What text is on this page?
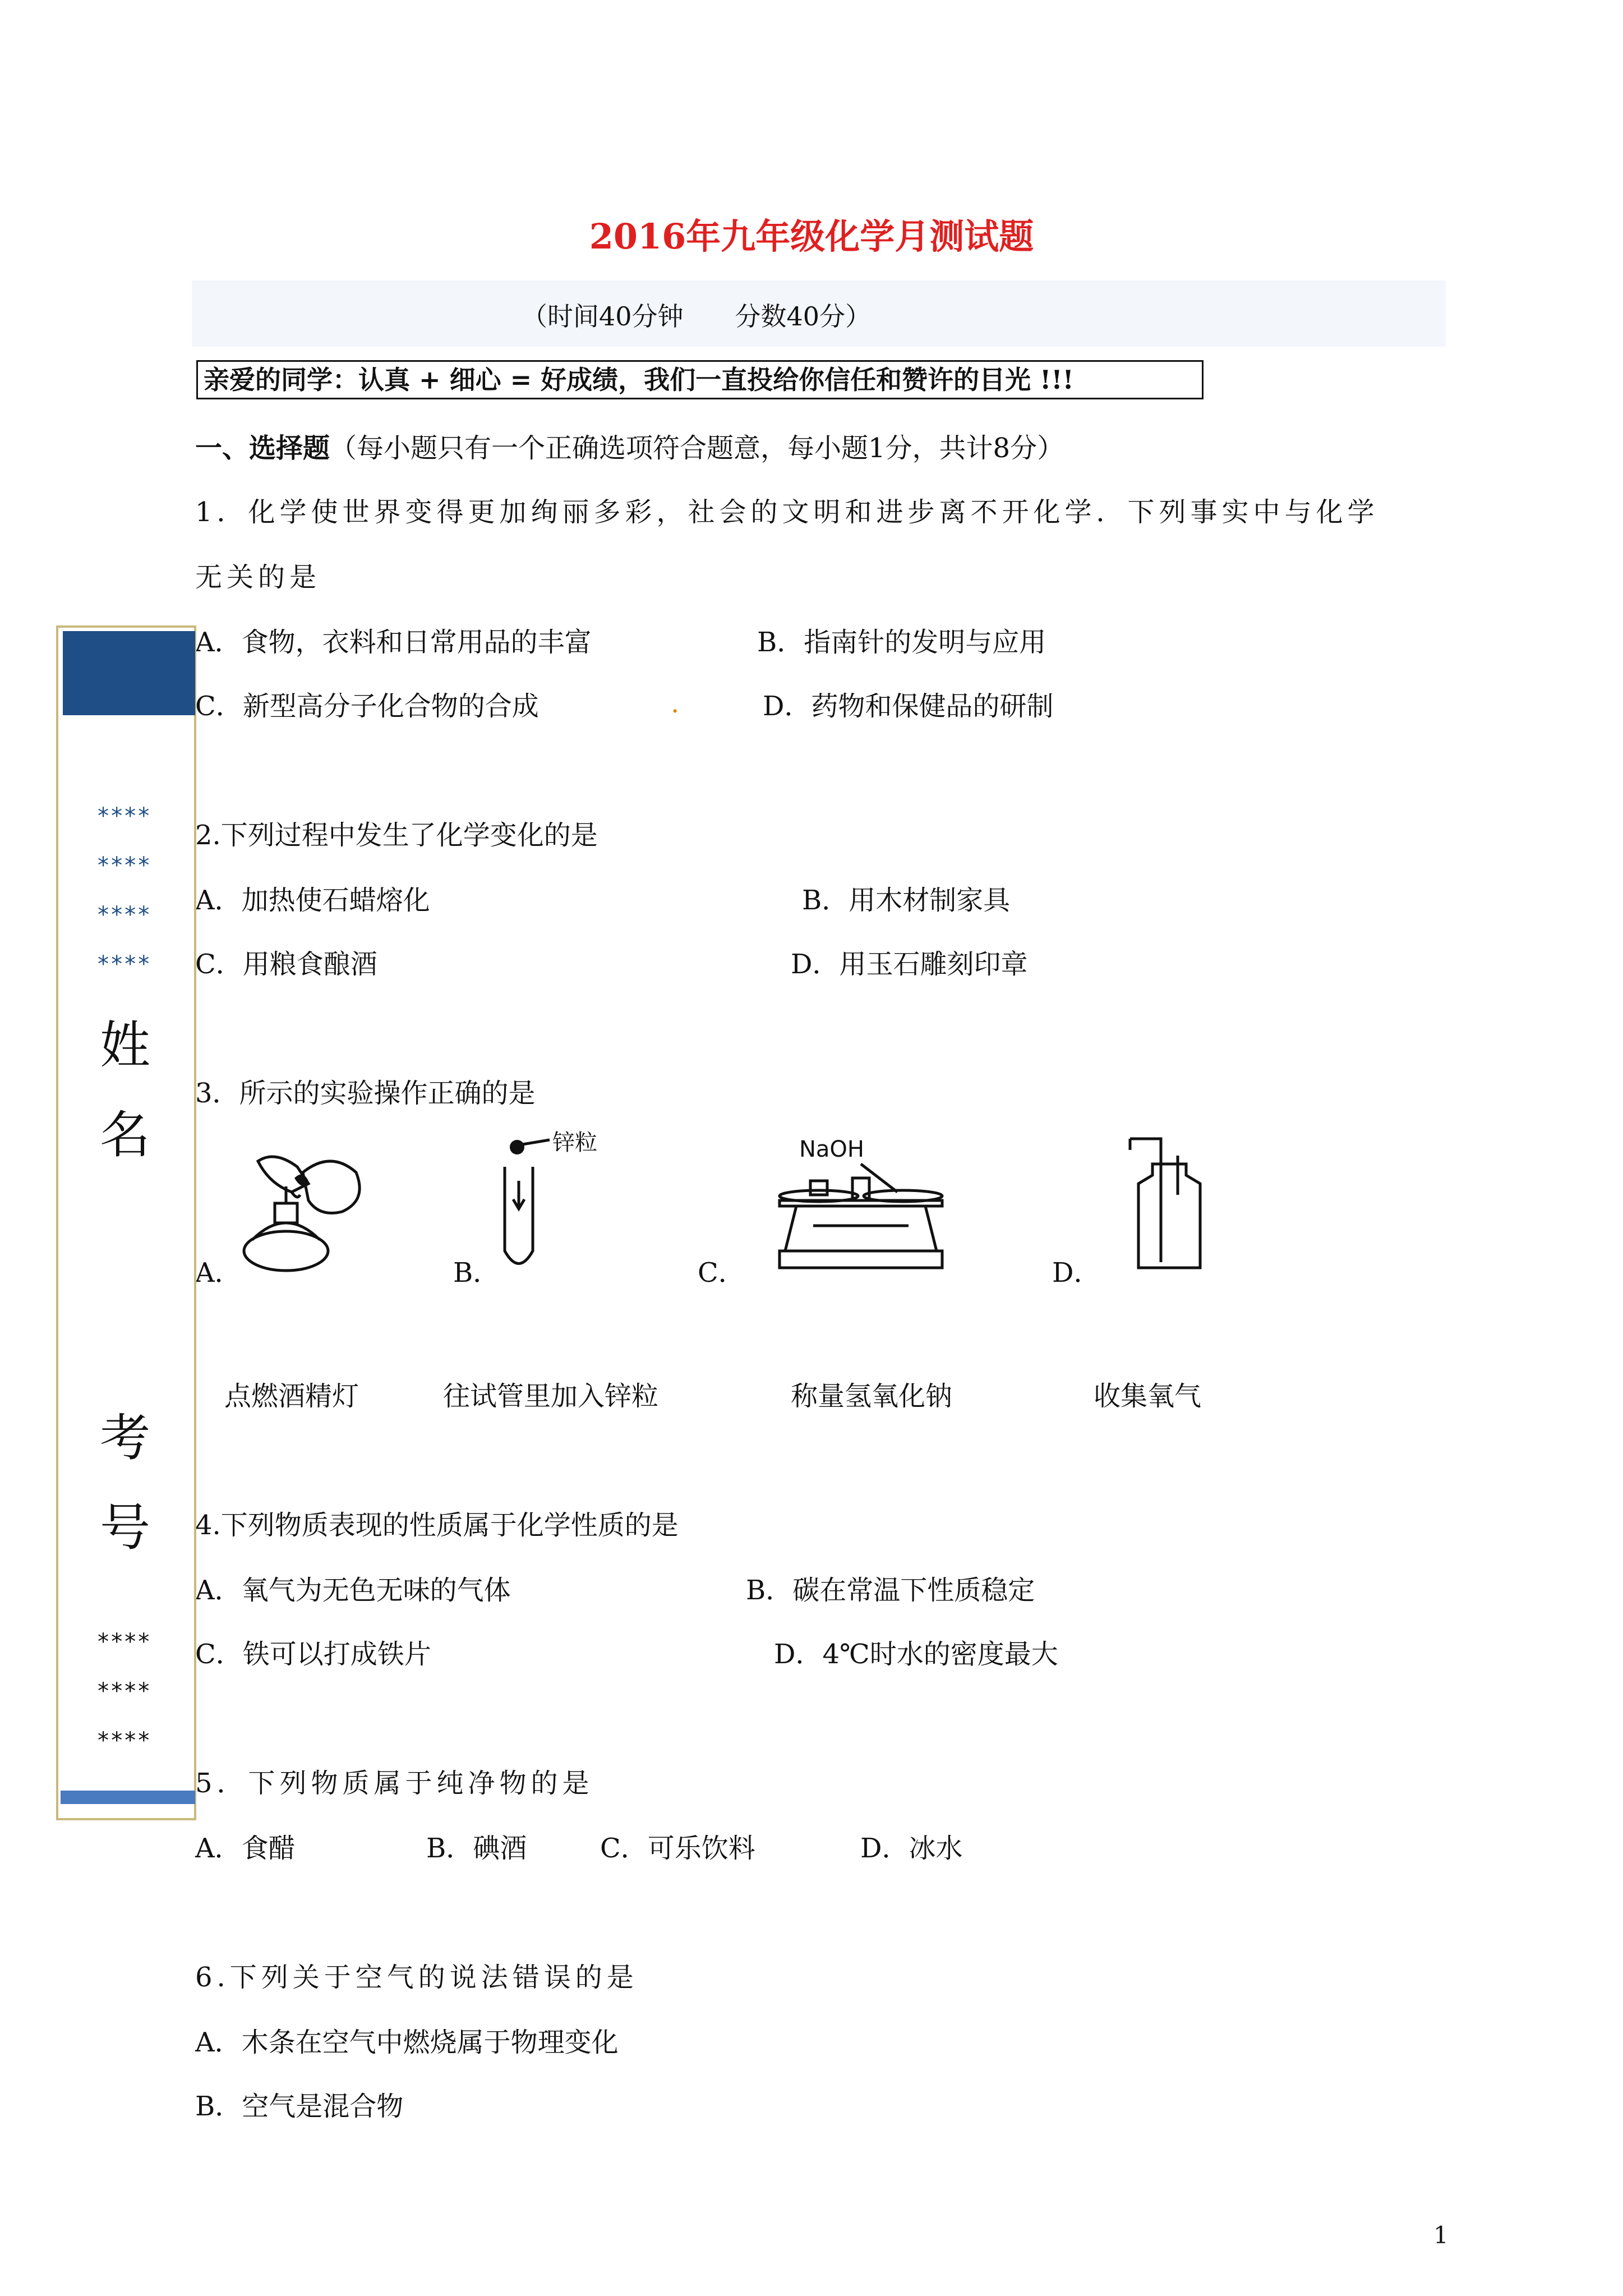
2016年九年级化学月测试题
（时间40分钟　　分数40分）
亲爱的同学：认真 + 细心 = 好成绩，我们一直投给你信任和赞许的目光 !!!
一、选择题（每小题只有一个正确选项符合题意，每小题1分，共计8分）
1．化学使世界变得更加绚丽多彩，社会的文明和进步离不开化学．下列事实中与化学
无关的是
A．食物，衣料和日常用品的丰富	B．指南针的发明与应用
C．新型高分子化合物的合成	.	D．药物和保健品的研制
2.下列过程中发生了化学变化的是
A．加热使石蜡熔化	B．用木材制家具
C．用粮食酿酒	D．用玉石雕刻印章
3．所示的实验操作正确的是
A．
锌粒
B．
NaOH
C．	D．
点燃酒精灯	往试管里加入锌粒	称量氢氧化钠	收集氧气
4.下列物质表现的性质属于化学性质的是
A．氧气为无色无味的气体	B．碳在常温下性质稳定
C．铁可以打成铁片	D．4℃时水的密度最大
5．下列物质属于纯净物的是
A．食醋	B．碘酒	C．可乐饮料	D．冰水
6.下列关于空气的说法错误的是
A．木条在空气中燃烧属于物理变化
B．空气是混合物
****
****
****
****
姓
名
考
号
****
****
****
1
